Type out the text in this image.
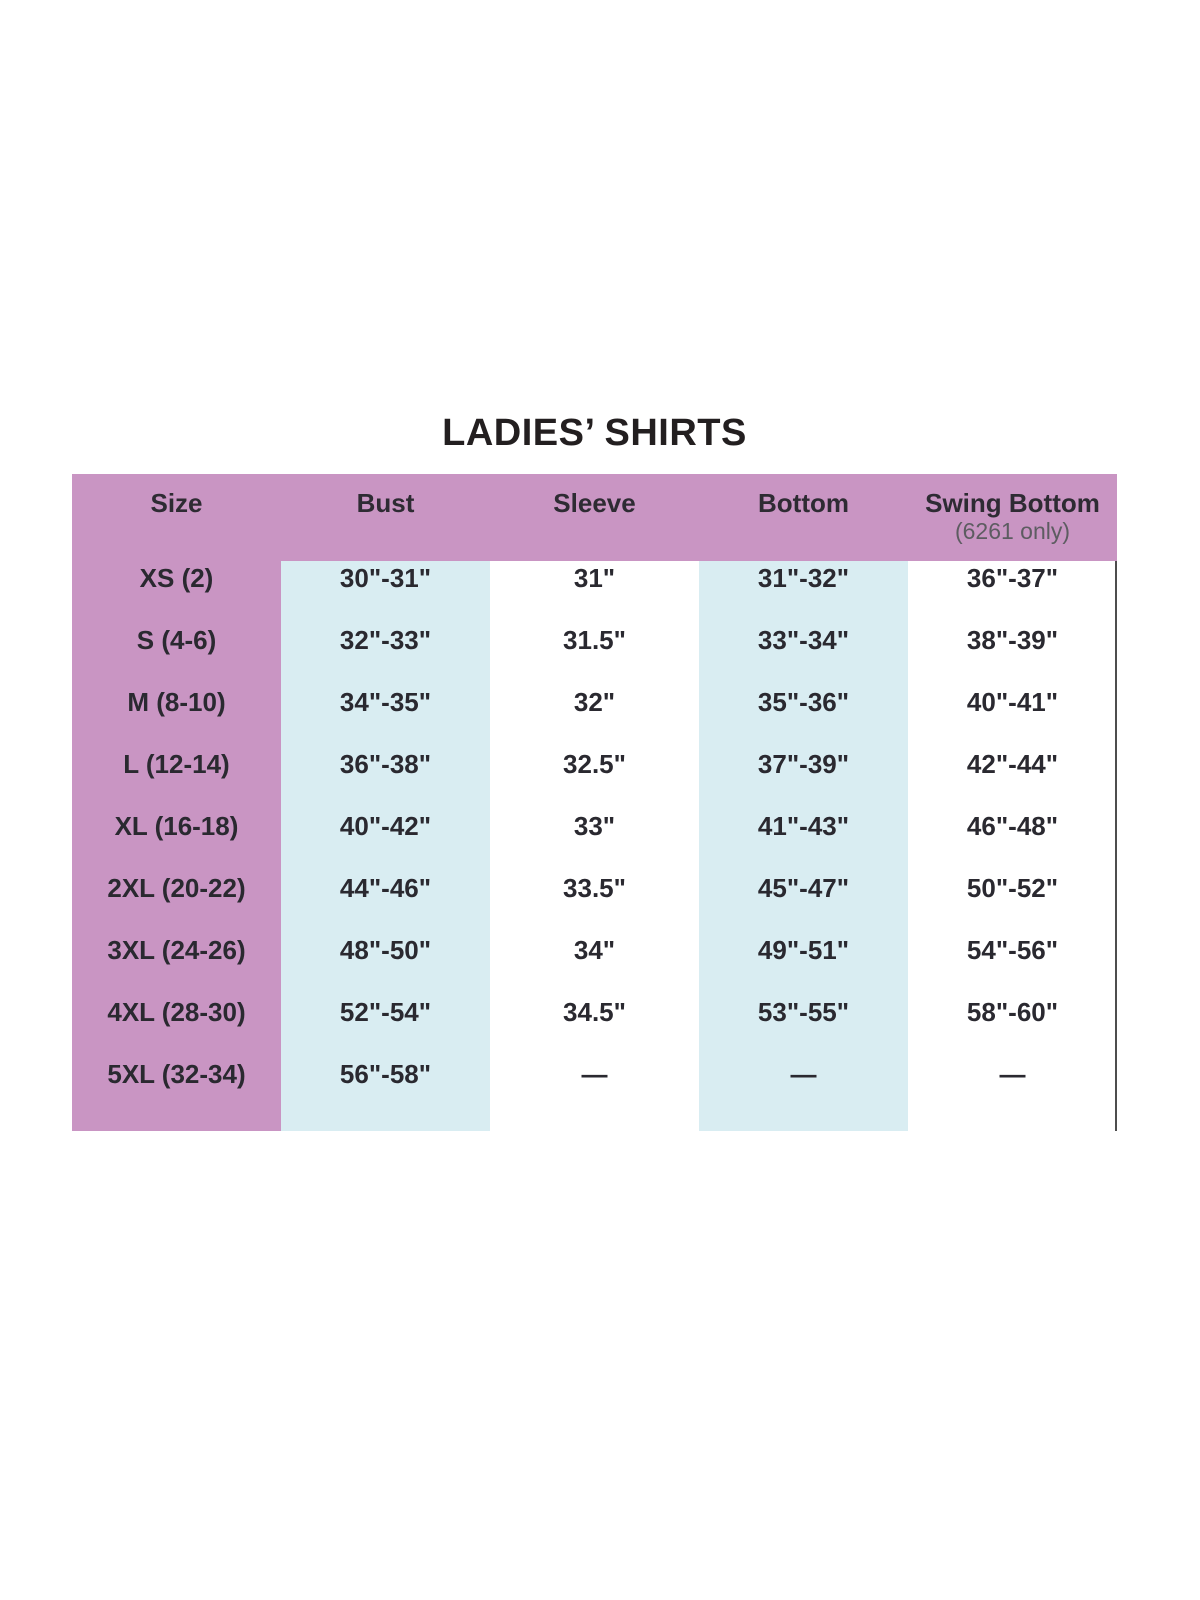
LADIES’ SHIRTS
Size	Bust	Sleeve	Bottom	Swing Bottom
(6261 only)
XS (2)	30"-31"	31"	31"-32"	36"-37"
S (4-6)	32"-33"	31.5"	33"-34"	38"-39"
M (8-10)	34"-35"	32"	35"-36"	40"-41"
L (12-14)	36"-38"	32.5"	37"-39"	42"-44"
XL (16-18)	40"-42"	33"	41"-43"	46"-48"
2XL (20-22)	44"-46"	33.5"	45"-47"	50"-52"
3XL (24-26)	48"-50"	34"	49"-51"	54"-56"
4XL (28-30)	52"-54"	34.5"	53"-55"	58"-60"
5XL (32-34)	56"-58"	—	—	—
